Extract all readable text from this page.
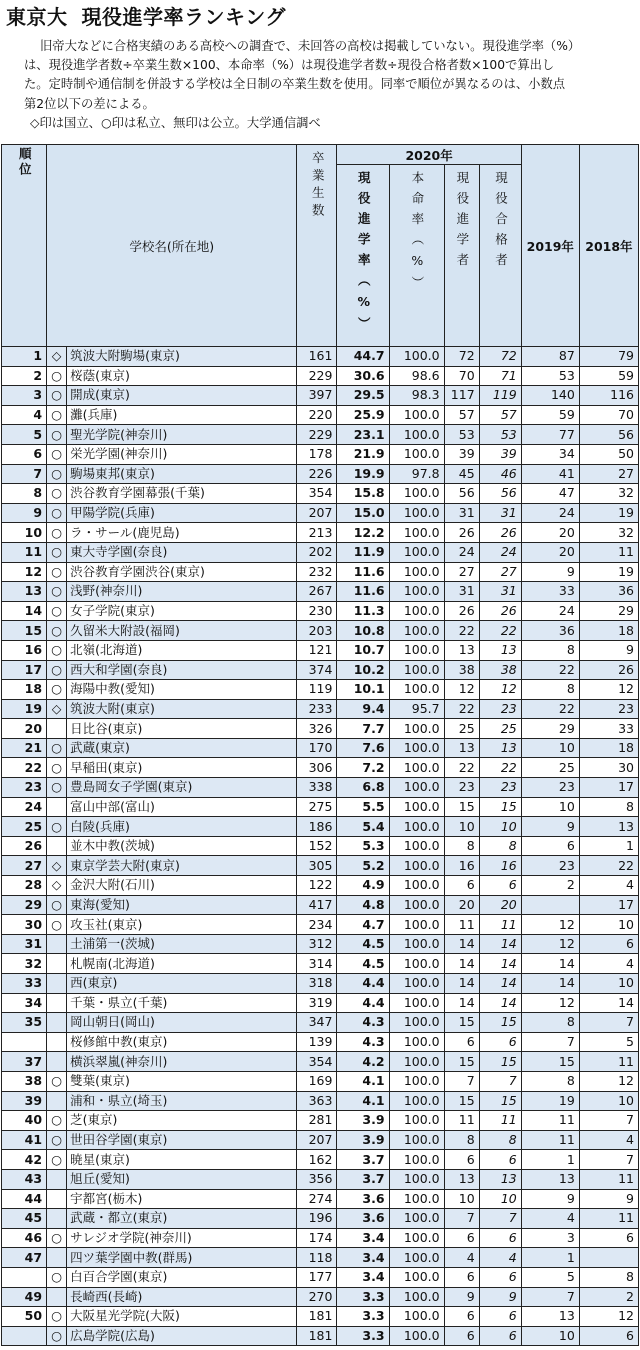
東京大 現役進学率ランキング

旧帝大などに合格実績のある高校への調査で、未回答の高校は掲載していない。現役進学率（%）

は、現役進学者数÷卒業生数×100、本命率（%）は現役進学者数÷現役合格者数×100で算出し

た。定時制や通信制を併設する学校は全日制の卒業生数を使用。同率で順位が異なるのは、小数点

第2位以下の差による。

◇印は国立、○印は私立、無印は公立。大学通信調べ

順位	学校名(所在地)		卒業生数	2020年				2019年	2018年

				現役進学率（%）	本命率（%）	現役進学者	現役合格者		

1	◇	筑波大附駒場(東京)	161	44.7	100.0	72	72	87	79
2	○	桜蔭(東京)	229	30.6	98.6	70	71	53	59
3	○	開成(東京)	397	29.5	98.3	117	119	140	116
4	○	灘(兵庫)	220	25.9	100.0	57	57	59	70
5	○	聖光学院(神奈川)	229	23.1	100.0	53	53	77	56
6	○	栄光学園(神奈川)	178	21.9	100.0	39	39	34	50
7	○	駒場東邦(東京)	226	19.9	97.8	45	46	41	27
8	○	渋谷教育学園幕張(千葉)	354	15.8	100.0	56	56	47	32
9	○	甲陽学院(兵庫)	207	15.0	100.0	31	31	24	19
10	○	ラ・サール(鹿児島)	213	12.2	100.0	26	26	20	32
11	○	東大寺学園(奈良)	202	11.9	100.0	24	24	20	11
12	○	渋谷教育学園渋谷(東京)	232	11.6	100.0	27	27	9	19
13	○	浅野(神奈川)	267	11.6	100.0	31	31	33	36
14	○	女子学院(東京)	230	11.3	100.0	26	26	24	29
15	○	久留米大附設(福岡)	203	10.8	100.0	22	22	36	18
16	○	北嶺(北海道)	121	10.7	100.0	13	13	8	9
17	○	西大和学園(奈良)	374	10.2	100.0	38	38	22	26
18	○	海陽中教(愛知)	119	10.1	100.0	12	12	8	12
19	◇	筑波大附(東京)	233	9.4	95.7	22	23	22	23
20		日比谷(東京)	326	7.7	100.0	25	25	29	33
21	○	武蔵(東京)	170	7.6	100.0	13	13	10	18
22	○	早稲田(東京)	306	7.2	100.0	22	22	25	30
23	○	豊島岡女子学園(東京)	338	6.8	100.0	23	23	23	17
24		富山中部(富山)	275	5.5	100.0	15	15	10	8
25	○	白陵(兵庫)	186	5.4	100.0	10	10	9	13
26		並木中教(茨城)	152	5.3	100.0	8	8	6	1
27	◇	東京学芸大附(東京)	305	5.2	100.0	16	16	23	22
28	◇	金沢大附(石川)	122	4.9	100.0	6	6	2	4
29	○	東海(愛知)	417	4.8	100.0	20	20		17
30	○	攻玉社(東京)	234	4.7	100.0	11	11	12	10
31		土浦第一(茨城)	312	4.5	100.0	14	14	12	6
32		札幌南(北海道)	314	4.5	100.0	14	14	14	4
33		西(東京)	318	4.4	100.0	14	14	14	10
34		千葉・県立(千葉)	319	4.4	100.0	14	14	12	14
35		岡山朝日(岡山)	347	4.3	100.0	15	15	8	7
		桜修館中教(東京)	139	4.3	100.0	6	6	7	5
37		横浜翠嵐(神奈川)	354	4.2	100.0	15	15	15	11
38	○	雙葉(東京)	169	4.1	100.0	7	7	8	12
39		浦和・県立(埼玉)	363	4.1	100.0	15	15	19	10
40	○	芝(東京)	281	3.9	100.0	11	11	11	7
41	○	世田谷学園(東京)	207	3.9	100.0	8	8	11	4
42	○	暁星(東京)	162	3.7	100.0	6	6	1	7
43		旭丘(愛知)	356	3.7	100.0	13	13	13	11
44		宇都宮(栃木)	274	3.6	100.0	10	10	9	9
45		武蔵・都立(東京)	196	3.6	100.0	7	7	4	11
46	○	サレジオ学院(神奈川)	174	3.4	100.0	6	6	3	6
47		四ツ葉学園中教(群馬)	118	3.4	100.0	4	4	1	
	○	白百合学園(東京)	177	3.4	100.0	6	6	5	8
49		長崎西(長崎)	270	3.3	100.0	9	9	7	2
50	○	大阪星光学院(大阪)	181	3.3	100.0	6	6	13	12
	○	広島学院(広島)	181	3.3	100.0	6	6	10	6
